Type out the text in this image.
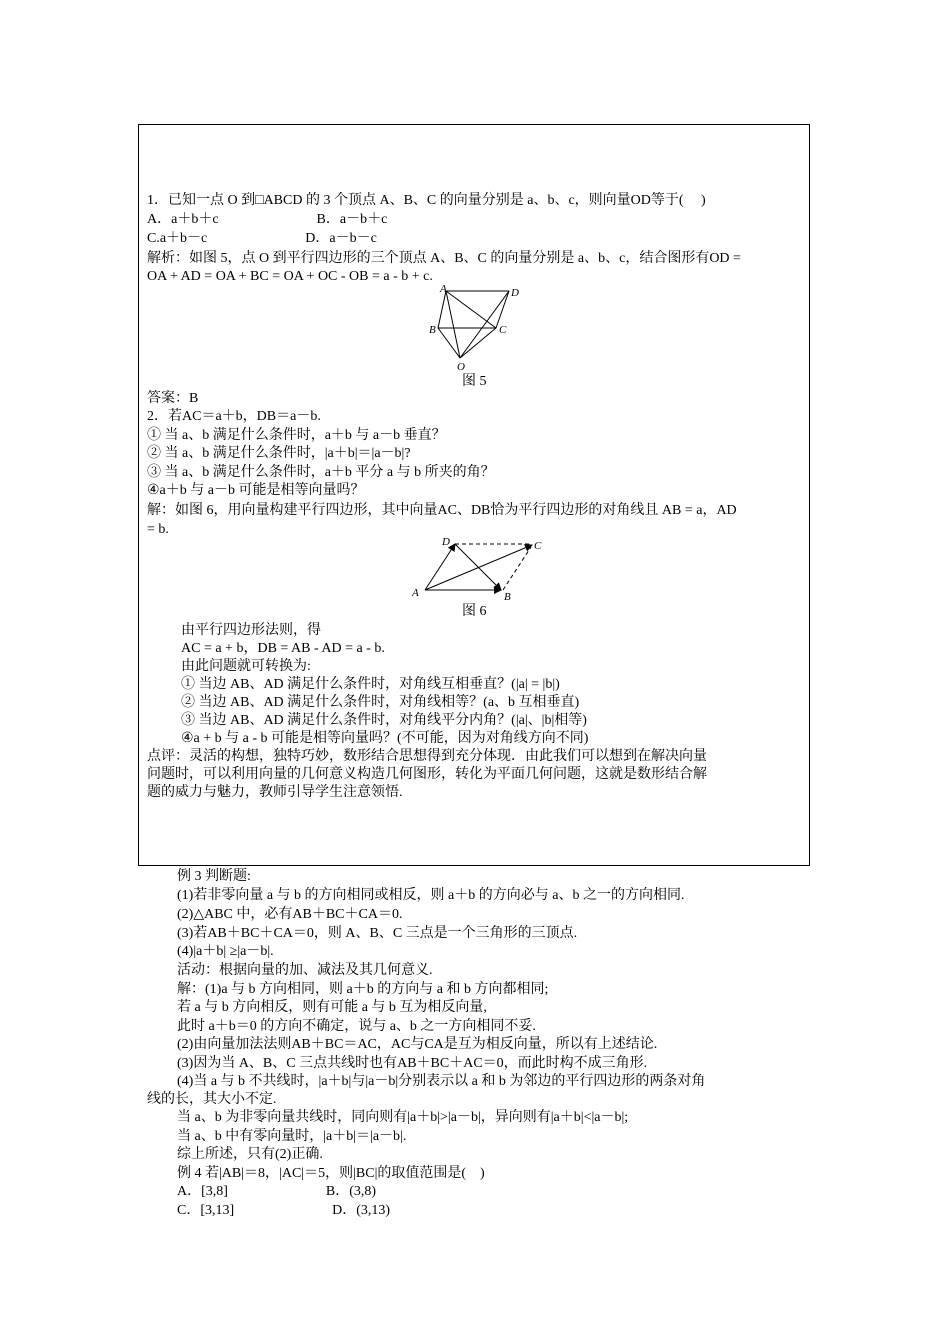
1．已知一点 O 到□ABCD 的 3 个顶点 A、B、C 的向量分别是 a、b、c，则向量OD等于(　 )
A．a＋b＋c　　　　　　　B．a－b＋c
C.a＋b－c　　　　　　　D．a－b－c
解析：如图 5，点 O 到平行四边形的三个顶点 A、B、C 的向量分别是 a、b、c，结合图形有OD =
OA + AD = OA + BC = OA + OC - OB = a - b + c.
A	D
B	C
O
图 5
答案：B
2．若AC＝a＋b，DB＝a－b.
① 当 a、b 满足什么条件时，a＋b 与 a－b 垂直？
② 当 a、b 满足什么条件时，|a＋b|＝|a－b|?
③ 当 a、b 满足什么条件时，a＋b 平分 a 与 b 所夹的角？
④a＋b 与 a－b 可能是相等向量吗？
解：如图 6，用向量构建平行四边形，其中向量AC、DB恰为平行四边形的对角线且 AB = a，AD
= b.
D	C
A	B
图 6
由平行四边形法则，得
AC = a + b，DB = AB - AD = a - b.
由此问题就可转换为:
① 当边 AB、AD 满足什么条件时，对角线互相垂直？(|a| = |b|)
② 当边 AB、AD 满足什么条件时，对角线相等？(a、b 互相垂直)
③ 当边 AB、AD 满足什么条件时，对角线平分内角？(|a|、|b|相等)
④a + b 与 a - b 可能是相等向量吗？(不可能，因为对角线方向不同)
点评：灵活的构想，独特巧妙，数形结合思想得到充分体现．由此我们可以想到在解决向量
问题时，可以利用向量的几何意义构造几何图形，转化为平面几何问题，这就是数形结合解
题的威力与魅力，教师引导学生注意领悟.
例 3 判断题:
(1)若非零向量 a 与 b 的方向相同或相反，则 a＋b 的方向必与 a、b 之一的方向相同.
(2)△ABC 中，必有AB＋BC＋CA＝0.
(3)若AB＋BC＋CA＝0，则 A、B、C 三点是一个三角形的三顶点.
(4)|a＋b| ≥|a－b|.
活动：根据向量的加、减法及其几何意义.
解：(1)a 与 b 方向相同，则 a＋b 的方向与 a 和 b 方向都相同;
若 a 与 b 方向相反，则有可能 a 与 b 互为相反向量,
此时 a＋b＝0 的方向不确定，说与 a、b 之一方向相同不妥.
(2)由向量加法法则AB＋BC＝AC，AC与CA是互为相反向量，所以有上述结论.
(3)因为当 A、B、C 三点共线时也有AB＋BC＋AC＝0，而此时构不成三角形.
(4)当 a 与 b 不共线时，|a＋b|与|a－b|分别表示以 a 和 b 为邻边的平行四边形的两条对角
线的长，其大小不定.
当 a、b 为非零向量共线时，同向则有|a＋b|>|a－b|，异向则有|a＋b|<|a－b|;
当 a、b 中有零向量时，|a＋b|＝|a－b|.
综上所述，只有(2)正确.
例 4 若|AB|＝8，|AC|＝5，则|BC|的取值范围是(　)
A．[3,8]　　　　　　　B．(3,8)
C．[3,13]　　　　　　　D．(3,13)
